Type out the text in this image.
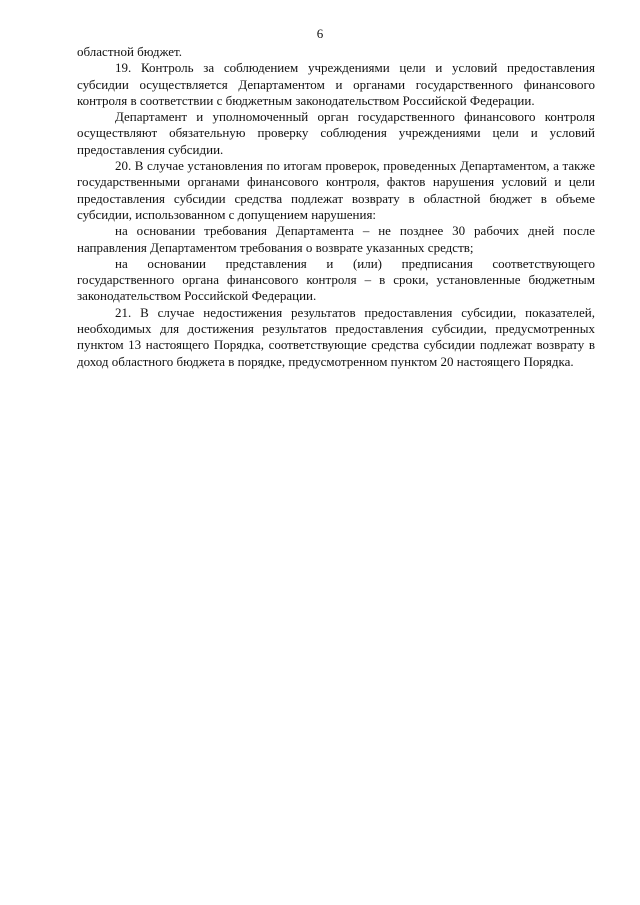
6

областной бюджет.

19. Контроль за соблюдением учреждениями цели и условий предоставления субсидии осуществляется Департаментом и органами государственного финансового контроля в соответствии с бюджетным законодательством Российской Федерации.

Департамент и уполномоченный орган государственного финансового контроля осуществляют обязательную проверку соблюдения учреждениями цели и условий предоставления субсидии.

20. В случае установления по итогам проверок, проведенных Департаментом, а также государственными органами финансового контроля, фактов нарушения условий и цели предоставления субсидии средства подлежат возврату в областной бюджет в объеме субсидии, использованном с допущением нарушения:

на основании требования Департамента – не позднее 30 рабочих дней после направления Департаментом требования о возврате указанных средств;

на основании представления и (или) предписания соответствующего государственного органа финансового контроля – в сроки, установленные бюджетным законодательством Российской Федерации.

21. В случае недостижения результатов предоставления субсидии, показателей, необходимых для достижения результатов предоставления субсидии, предусмотренных пунктом 13 настоящего Порядка, соответствующие средства субсидии подлежат возврату в доход областного бюджета в порядке, предусмотренном пунктом 20 настоящего Порядка.
